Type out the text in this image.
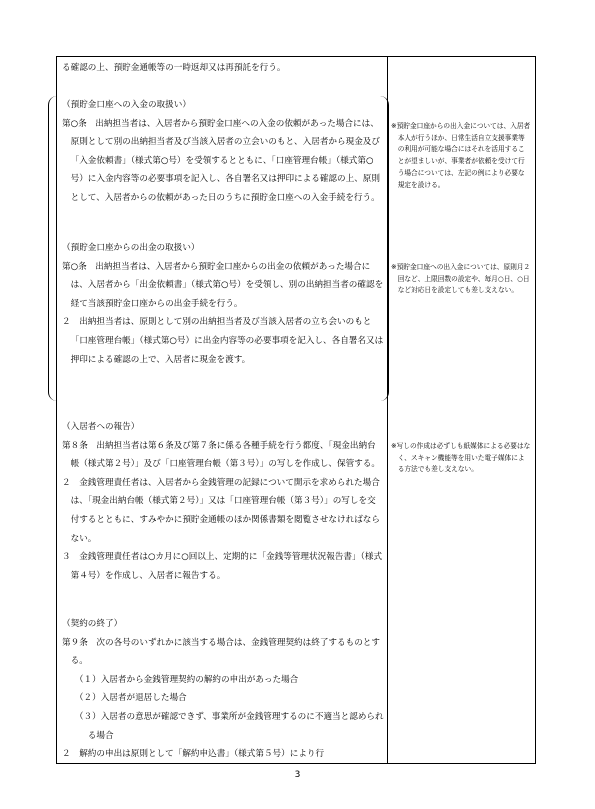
る確認の上、預貯金通帳等の一時返却又は再預託を行う。

（預貯金口座への入金の取扱い）

第○条　出納担当者は、入居者から預貯金口座への入金の依頼があった場合には、原則として別の出納担当者及び当該入居者の立会いのもと、入居者から現金及び「入金依頼書」（様式第○号）を受領するとともに、「口座管理台帳」（様式第○号）に入金内容等の必要事項を記入し、各自署名又は押印による確認の上、原則として、入居者からの依頼があった日のうちに預貯金口座への入金手続を行う。

（預貯金口座からの出金の取扱い）

第○条　出納担当者は、入居者から預貯金口座からの出金の依頼があった場合には、入居者から「出金依頼書」（様式第○号）を受領し、別の出納担当者の確認を経て当該預貯金口座からの出金手続を行う。

２　出納担当者は、原則として別の出納担当者及び当該入居者の立ち会いのもと「口座管理台帳」（様式第○号）に出金内容等の必要事項を記入し、各自署名又は押印による確認の上で、入居者に現金を渡す。

（入居者への報告）

第８条　出納担当者は第６条及び第７条に係る各種手続を行う都度、「現金出納台帳（様式第２号）」及び「口座管理台帳（第３号）」の写しを作成し、保管する。

２　金銭管理責任者は、入居者から金銭管理の記録について開示を求められた場合は、「現金出納台帳（様式第２号）」又は「口座管理台帳（第３号）」の写しを交付するとともに、すみやかに預貯金通帳のほか関係書類を閲覧させなければならない。

３　金銭管理責任者は○カ月に○回以上、定期的に「金銭等管理状況報告書」（様式第４号）を作成し、入居者に報告する。

（契約の終了）

第９条　次の各号のいずれかに該当する場合は、金銭管理契約は終了するものとする。

（１）入居者から金銭管理契約の解約の申出があった場合

（２）入居者が退居した場合

（３）入居者の意思が確認できず、事業所が金銭管理するのに不適当と認められる場合

２　解約の申出は原則として「解約申込書」（様式第５号）により行

※預貯金口座からの出入金については、入居者本人が行うほか、日常生活自立支援事業等の利用が可能な場合にはそれを活用することが望ましいが、事業者が依頼を受けて行う場合については、左記の例により必要な規定を設ける。

※預貯金口座への出入金については、原則月２回など、上限回数の設定や、毎月○日、○日など対応日を設定しても差し支えない。

※写しの作成は必ずしも紙媒体による必要はなく、スキャン機能等を用いた電子媒体による方法でも差し支えない。

3
